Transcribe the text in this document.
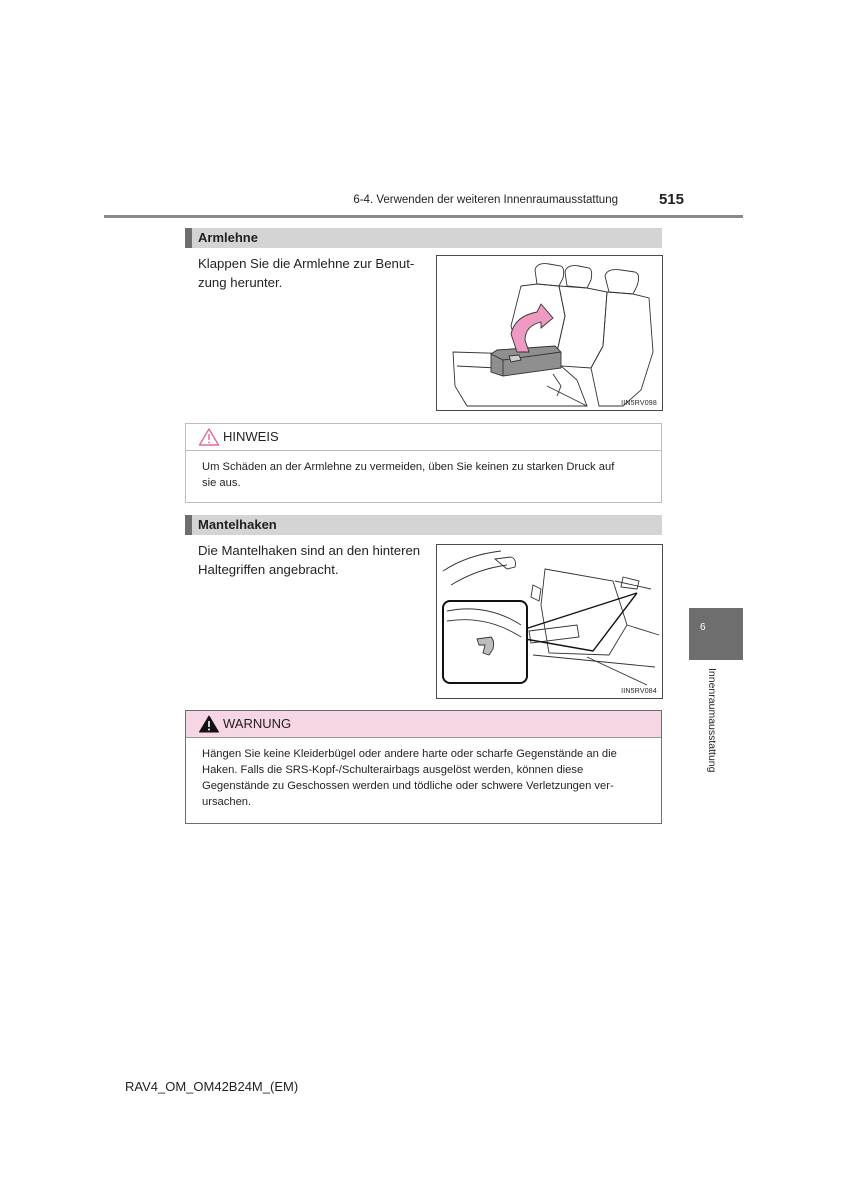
6-4. Verwenden der weiteren Innenraumausstattung	515
Armlehne
Klappen Sie die Armlehne zur Benut-
zung herunter.
IIN5RV098
HINWEIS
Um Schäden an der Armlehne zu vermeiden, üben Sie keinen zu starken Druck auf
sie aus.
Mantelhaken
Die Mantelhaken sind an den hinteren
Haltegriffen angebracht.
IIN5RV084
WARNUNG
Hängen Sie keine Kleiderbügel oder andere harte oder scharfe Gegenstände an die
Haken. Falls die SRS-Kopf-/Schulterairbags ausgelöst werden, können diese
Gegenstände zu Geschossen werden und tödliche oder schwere Verletzungen ver-
ursachen.
6
Innenraumausstattung
RAV4_OM_OM42B24M_(EM)
